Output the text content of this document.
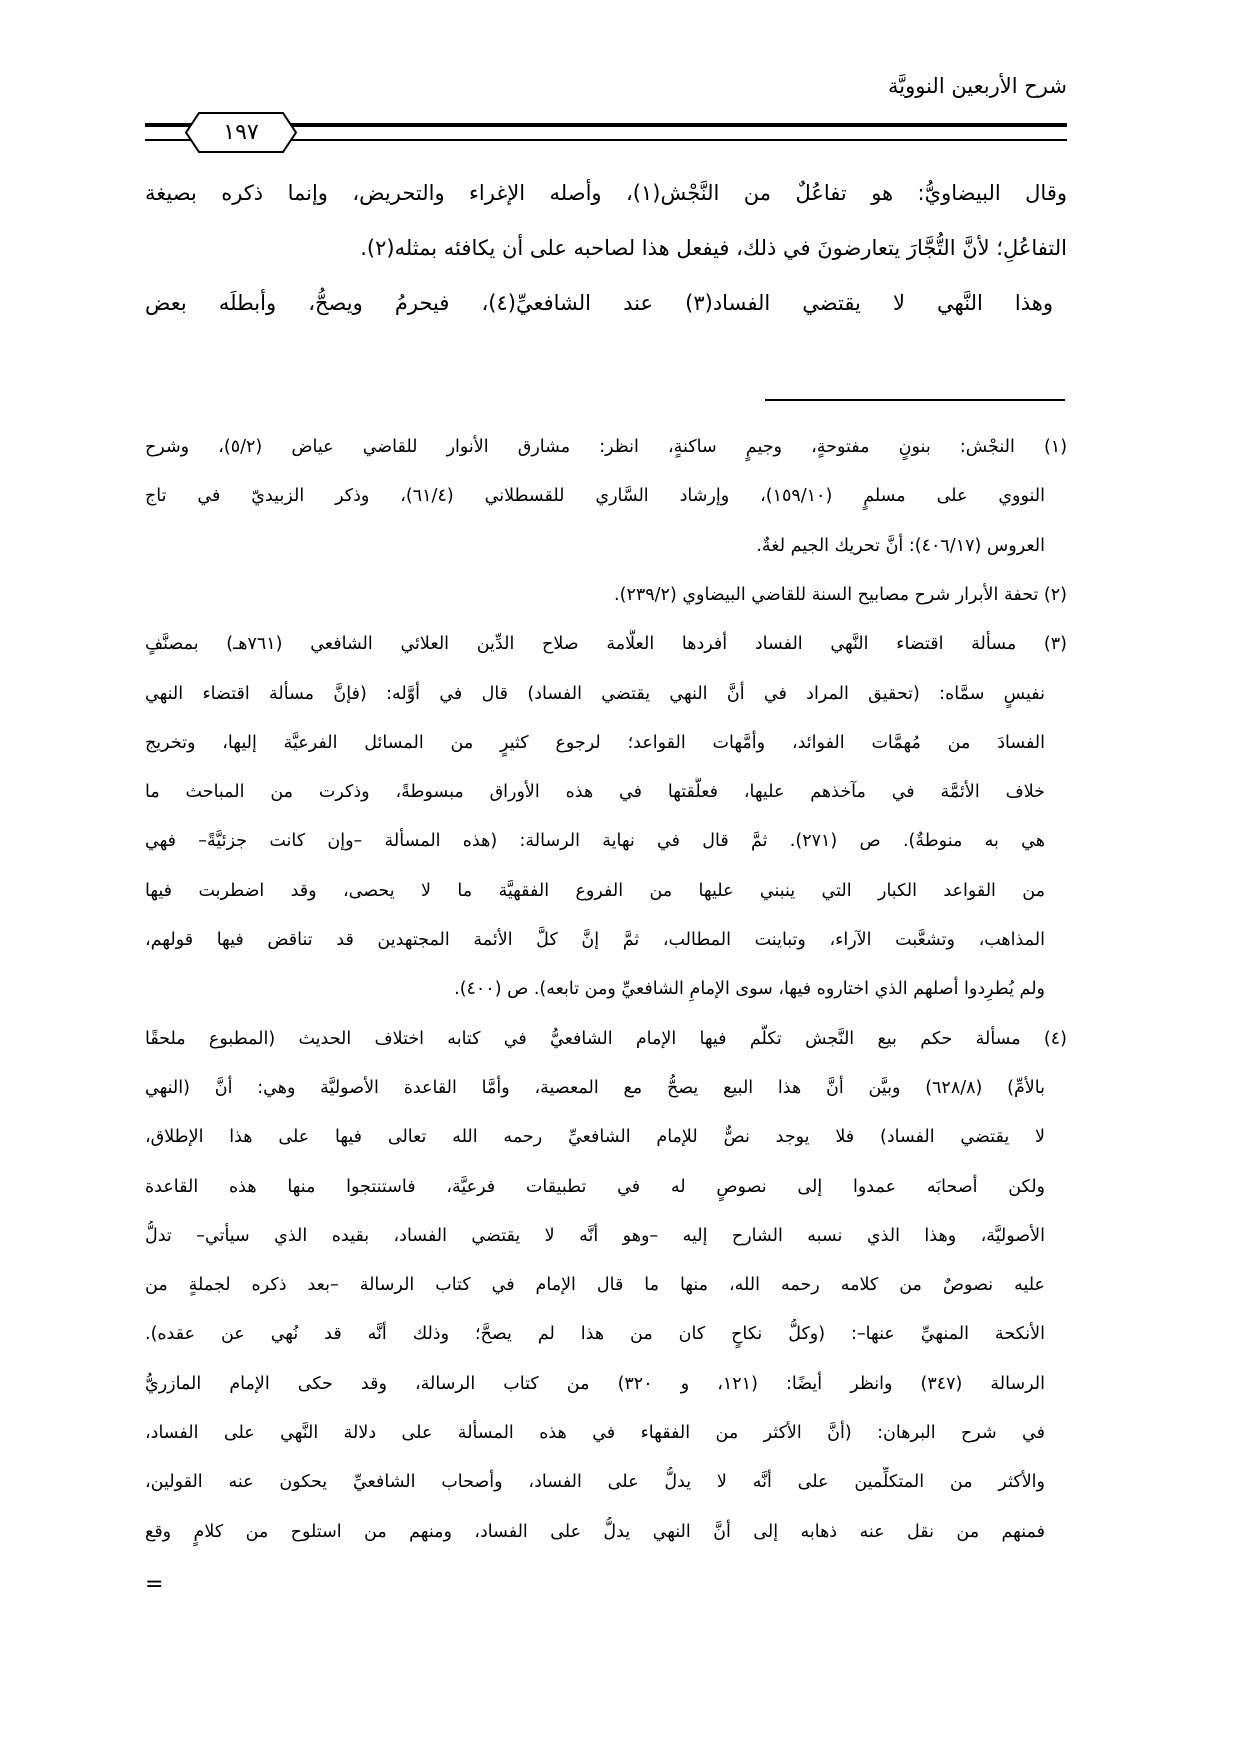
شرح الأربعين النوويَّة
١٩٧
وقال البيضاويُّ: هو تفاعُلٌ من النَّجْش(١)، وأصله الإغراء والتحريض، وإنما ذكره بصيغة
التفاعُلِ؛ لأنَّ التُّجَّارَ يتعارضونَ في ذلك، فيفعل هذا لصاحبه على أن يكافئه بمثله(٢).
وهذا النَّهي لا يقتضي الفساد(٣) عند الشافعيِّ(٤)، فيحرمُ ويصحُّ، وأبطلَه بعض
(١) النجْش: بنونٍ مفتوحةٍ، وجيمٍ ساكنةٍ، انظر: مشارق الأنوار للقاضي عياض (٥/٢)، وشرح
النووي على مسلمٍ (١٥٩/١٠)، وإرشاد السَّاري للقسطلاني (٦١/٤)، وذكر الزبيديّ في تاج
العروس (٤٠٦/١٧): أنَّ تحريك الجيم لغةٌ.
(٢) تحفة الأبرار شرح مصابيح السنة للقاضي البيضاوي (٢٣٩/٢).
(٣) مسألة اقتضاء النَّهي الفساد أفردها العلَّامة صلاح الدِّين العلائي الشافعي (٧٦١هـ) بمصنَّفٍ
نفيسٍ سمَّاه: (تحقيق المراد في أنَّ النهي يقتضي الفساد) قال في أوَّله: (فإنَّ مسألة اقتضاء النهي
الفسادَ من مُهمَّات الفوائد، وأمَّهات القواعد؛ لرجوع كثيرٍ من المسائل الفرعيَّة إليها، وتخريج
خلاف الأئمَّة في مآخذهم عليها، فعلَّقتها في هذه الأوراق مبسوطةً، وذكرت من المباحث ما
هي به منوطةٌ). ص (٢٧١). ثمَّ قال في نهاية الرسالة: (هذه المسألة –وإن كانت جزئيَّةً– فهي
من القواعد الكبار التي ينبني عليها من الفروع الفقهيَّة ما لا يحصى، وقد اضطربت فيها
المذاهب، وتشعَّبت الآراء، وتباينت المطالب، ثمَّ إنَّ كلَّ الأئمة المجتهدين قد تناقض فيها قولهم،
ولم يُطرِدوا أصلهم الذي اختاروه فيها، سوى الإمامِ الشافعيِّ ومن تابعه). ص (٤٠٠).
(٤) مسألة حكم بيع النَّجش تكلَّم فيها الإمام الشافعيُّ في كتابه اختلاف الحديث (المطبوع ملحقًا
بالأمِّ) (٦٢٨/٨) وبيَّن أنَّ هذا البيع يصحُّ مع المعصية، وأمَّا القاعدة الأصوليَّة وهي: أنَّ (النهي
لا يقتضي الفساد) فلا يوجد نصٌّ للإمام الشافعيِّ رحمه الله تعالى فيها على هذا الإطلاق،
ولكن أصحابَه عمدوا إلى نصوصٍ له في تطبيقات فرعيَّة، فاستنتجوا منها هذه القاعدة
الأصوليَّة، وهذا الذي نسبه الشارح إليه –وهو أنَّه لا يقتضي الفساد، بقيده الذي سيأتي– تدلُّ
عليه نصوصٌ من كلامه رحمه الله، منها ما قال الإمام في كتاب الرسالة –بعد ذكره لجملةٍ من
الأنكحة المنهيِّ عنها–: (وكلُّ نكاحٍ كان من هذا لم يصحَّ؛ وذلك أنَّه قد نُهي عن عقده).
الرسالة (٣٤٧) وانظر أيضًا: (١٢١، و ٣٢٠) من كتاب الرسالة، وقد حكى الإمام المازريُّ
في شرح البرهان: (أنَّ الأكثر من الفقهاء في هذه المسألة على دلالة النَّهي على الفساد،
والأكثر من المتكلِّمين على أنَّه لا يدلُّ على الفساد، وأصحاب الشافعيِّ يحكون عنه القولين،
فمنهم من نقل عنه ذهابه إلى أنَّ النهي يدلُّ على الفساد، ومنهم من استلوح من كلامٍ وقع
=
